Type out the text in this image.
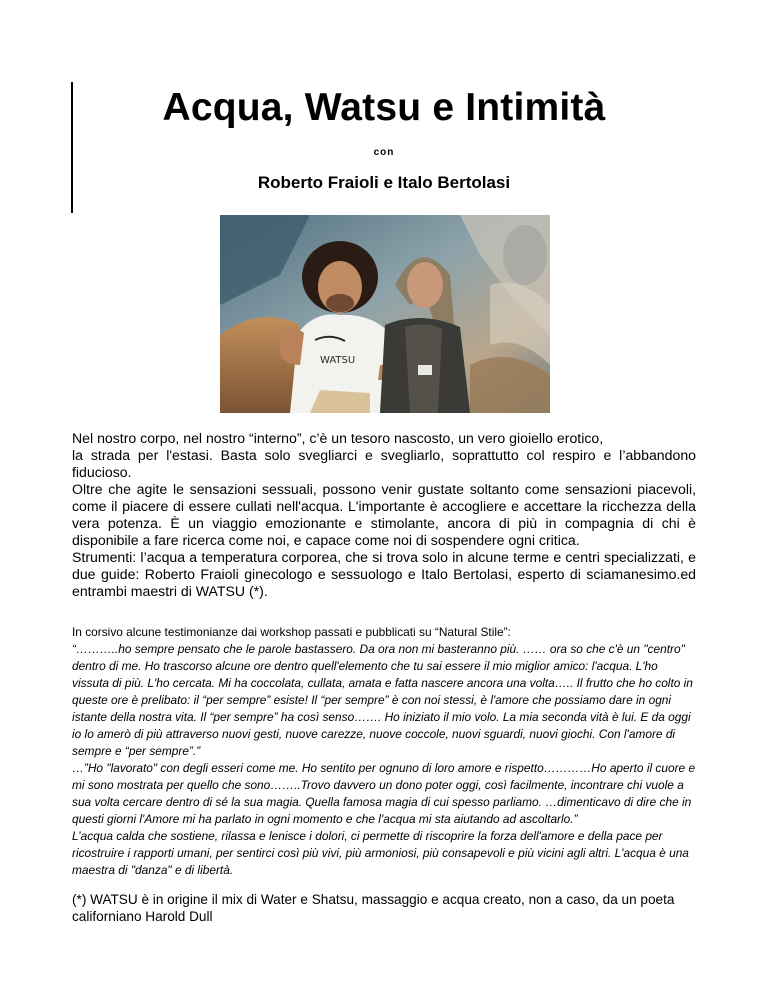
Acqua, Watsu e Intimità
con
Roberto Fraioli e Italo Bertolasi
WATSU

Nel nostro corpo, nel nostro “interno”, c’è un tesoro nascosto, un vero gioiello erotico,

la strada per l'estasi. Basta solo svegliarci e svegliarlo, soprattutto col respiro e l’abbandono fiducioso.

Oltre che agite le sensazioni sessuali, possono venir gustate soltanto come sensazioni piacevoli, come il piacere di essere cullati nell'acqua. L'importante è accogliere e accettare la ricchezza della vera potenza. È un viaggio emozionante e stimolante, ancora di più in compagnia di chi è disponibile a fare ricerca come noi, e capace come noi di sospendere ogni critica.

Strumenti: l’acqua a temperatura corporea, che si trova solo in alcune terme e centri specializzati, e due guide: Roberto Fraioli ginecologo e sessuologo e Italo Bertolasi, esperto di sciamanesimo.ed entrambi maestri di WATSU (*).

In corsivo alcune testimonianze dai workshop passati e pubblicati su “Natural Stile”:

“………..ho sempre pensato che le parole bastassero. Da ora non mi basteranno più. …… ora so che c'è un "centro" dentro di me. Ho trascorso alcune ore dentro quell'elemento che tu sai essere il mio miglior amico: l'acqua. L'ho vissuta di più. L'ho cercata. Mi ha coccolata, cullata, amata e fatta nascere ancora una volta….. Il frutto che ho colto in queste ore è prelibato: il “per sempre” esiste! Il “per sempre” è con noi stessi, è l'amore che possiamo dare in ogni istante della nostra vita. Il “per sempre” ha così senso……. Ho iniziato il mio volo. La mia seconda vità è lui. E da oggi io lo amerò di più attraverso nuovi gesti, nuove carezze, nuove coccole, nuovi sguardi, nuovi giochi. Con l'amore di sempre e “per sempre”.”

…”Ho "lavorato" con degli esseri come me. Ho sentito per ognuno di loro amore e rispetto…………Ho aperto il cuore e mi sono mostrata per quello che sono……..Trovo davvero un dono poter oggi, così facilmente, incontrare chi vuole a sua volta cercare dentro di sé la sua magia. Quella famosa magia di cui spesso parliamo. …dimenticavo di dire che in questi giorni l'Amore mi ha parlato in ogni momento e che l'acqua mi sta aiutando ad ascoltarlo.”

L’acqua calda che sostiene, rilassa e lenisce i dolori, ci permette di riscoprire la forza dell'amore e della pace per ricostruire i rapporti umani, per sentirci così più vivi, più armoniosi, più consapevoli e più vicini agli altri. L'acqua è una maestra di "danza" e di libertà.

(*) WATSU è in origine il mix di Water e Shatsu, massaggio e acqua creato, non a caso, da un poeta californiano Harold Dull
